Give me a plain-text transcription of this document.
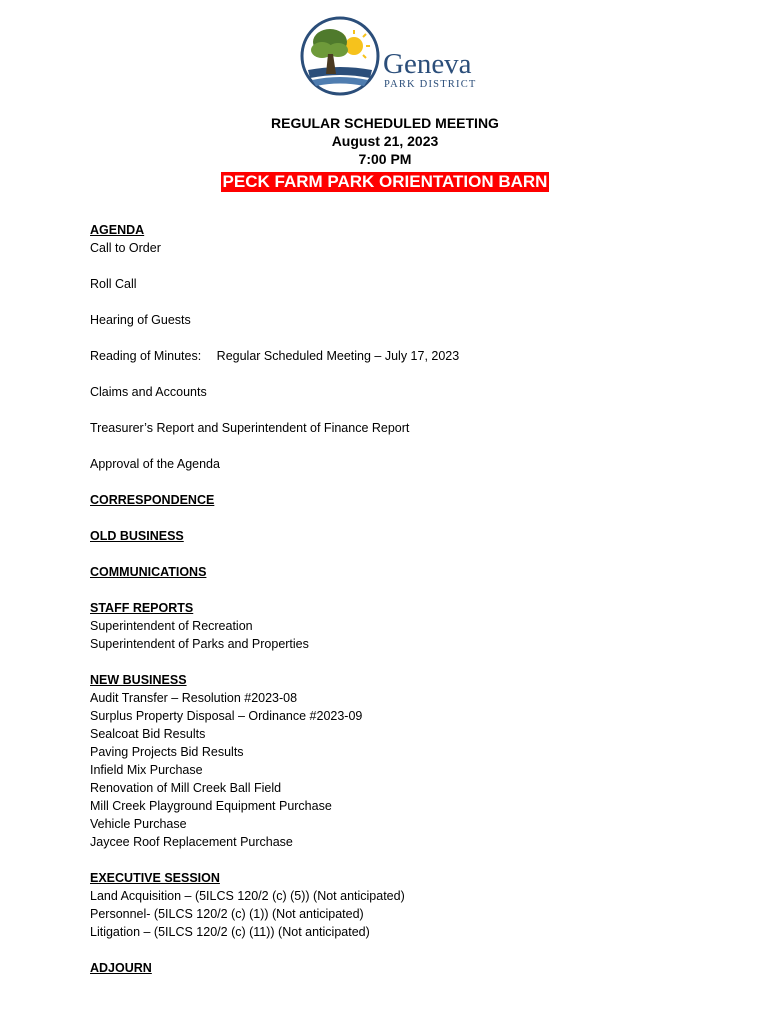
Geneva
PARK DISTRICT
REGULAR SCHEDULED MEETING
August 21, 2023
7:00 PM
PECK FARM PARK ORIENTATION BARN
AGENDA
Call to Order
Roll Call
Hearing of Guests
Reading of Minutes: Regular Scheduled Meeting – July 17, 2023
Claims and Accounts
Treasurer’s Report and Superintendent of Finance Report
Approval of the Agenda
CORRESPONDENCE
OLD BUSINESS
COMMUNICATIONS
STAFF REPORTS
Superintendent of Recreation
Superintendent of Parks and Properties
NEW BUSINESS
Audit Transfer – Resolution #2023-08
Surplus Property Disposal – Ordinance #2023-09
Sealcoat Bid Results
Paving Projects Bid Results
Infield Mix Purchase
Renovation of Mill Creek Ball Field
Mill Creek Playground Equipment Purchase
Vehicle Purchase
Jaycee Roof Replacement Purchase
EXECUTIVE SESSION
Land Acquisition – (5ILCS 120/2 (c) (5)) (Not anticipated)
Personnel- (5ILCS 120/2 (c) (1)) (Not anticipated)
Litigation – (5ILCS 120/2 (c) (11)) (Not anticipated)
ADJOURN
